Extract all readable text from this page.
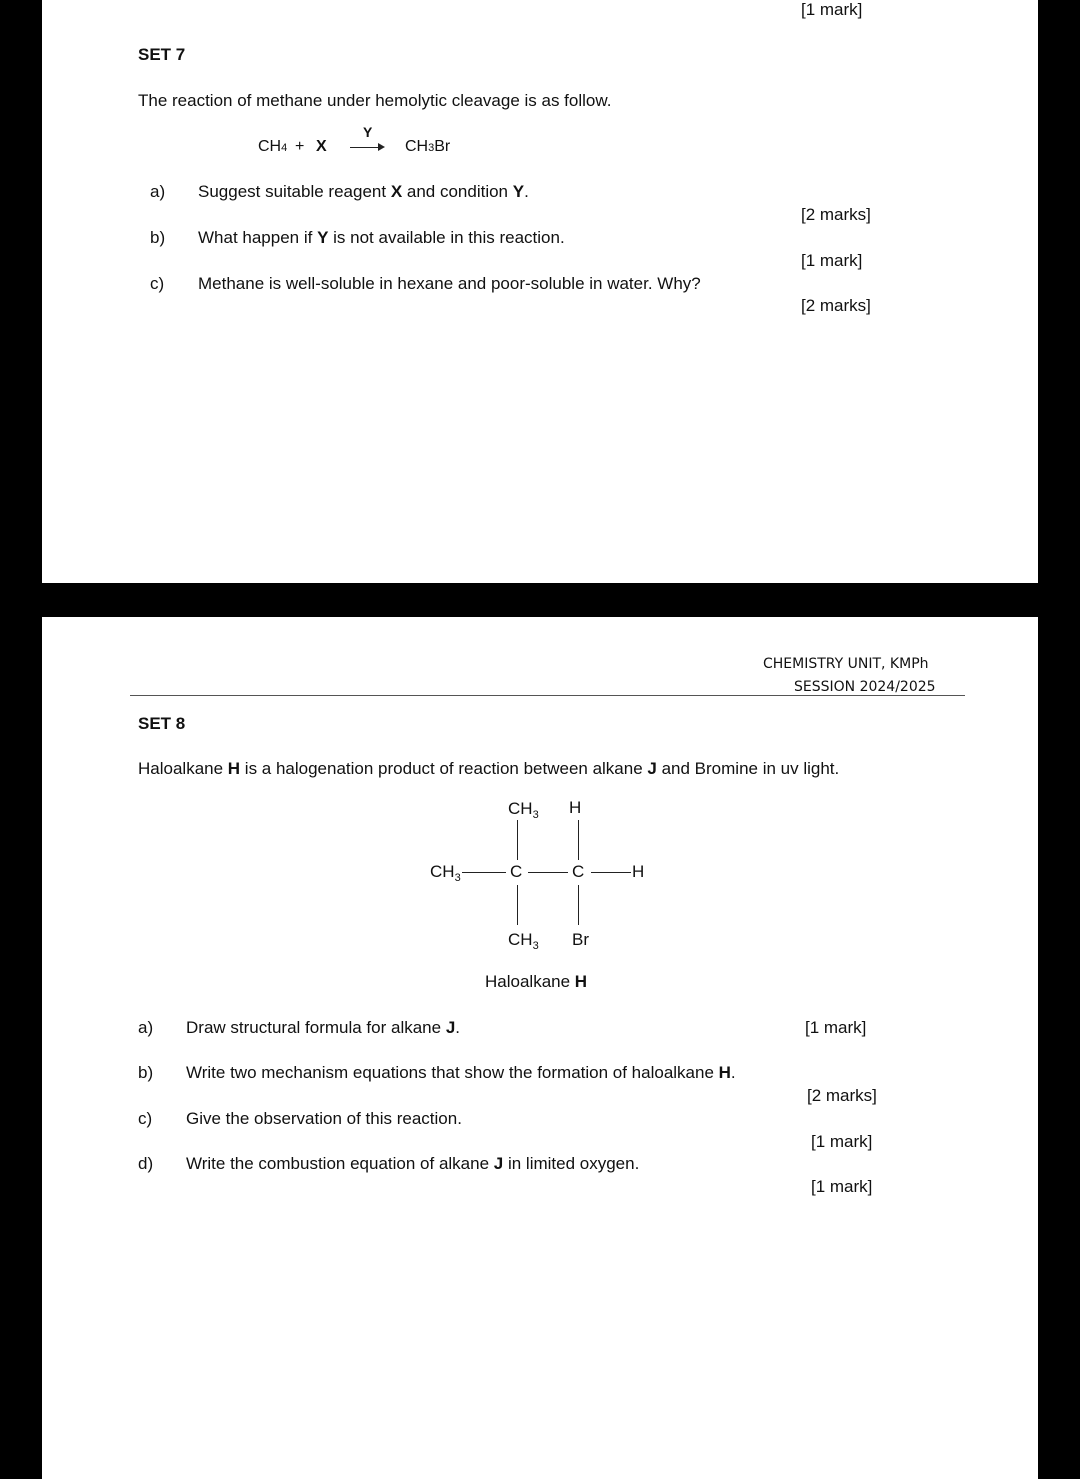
[1 mark]
SET 7
The reaction of methane under hemolytic cleavage is as follow.
CH4 + X
Y
CH3Br
a) Suggest suitable reagent X and condition Y.
[2 marks]
b) What happen if Y is not available in this reaction.
[1 mark]
c) Methane is well-soluble in hexane and poor-soluble in water. Why?
[2 marks]
CHEMISTRY UNIT, KMPh
SESSION 2024/2025
SET 8
Haloalkane H is a halogenation product of reaction between alkane J and Bromine in uv light.
$CH_3$ H
$CH_3$	C	C	H
$CH_3$ Br
Haloalkane H
a) Draw structural formula for alkane J.	[1 mark]
b) Write two mechanism equations that show the formation of haloalkane H.
[2 marks]
c) Give the observation of this reaction.
[1 mark]
d) Write the combustion equation of alkane J in limited oxygen.
[1 mark]
